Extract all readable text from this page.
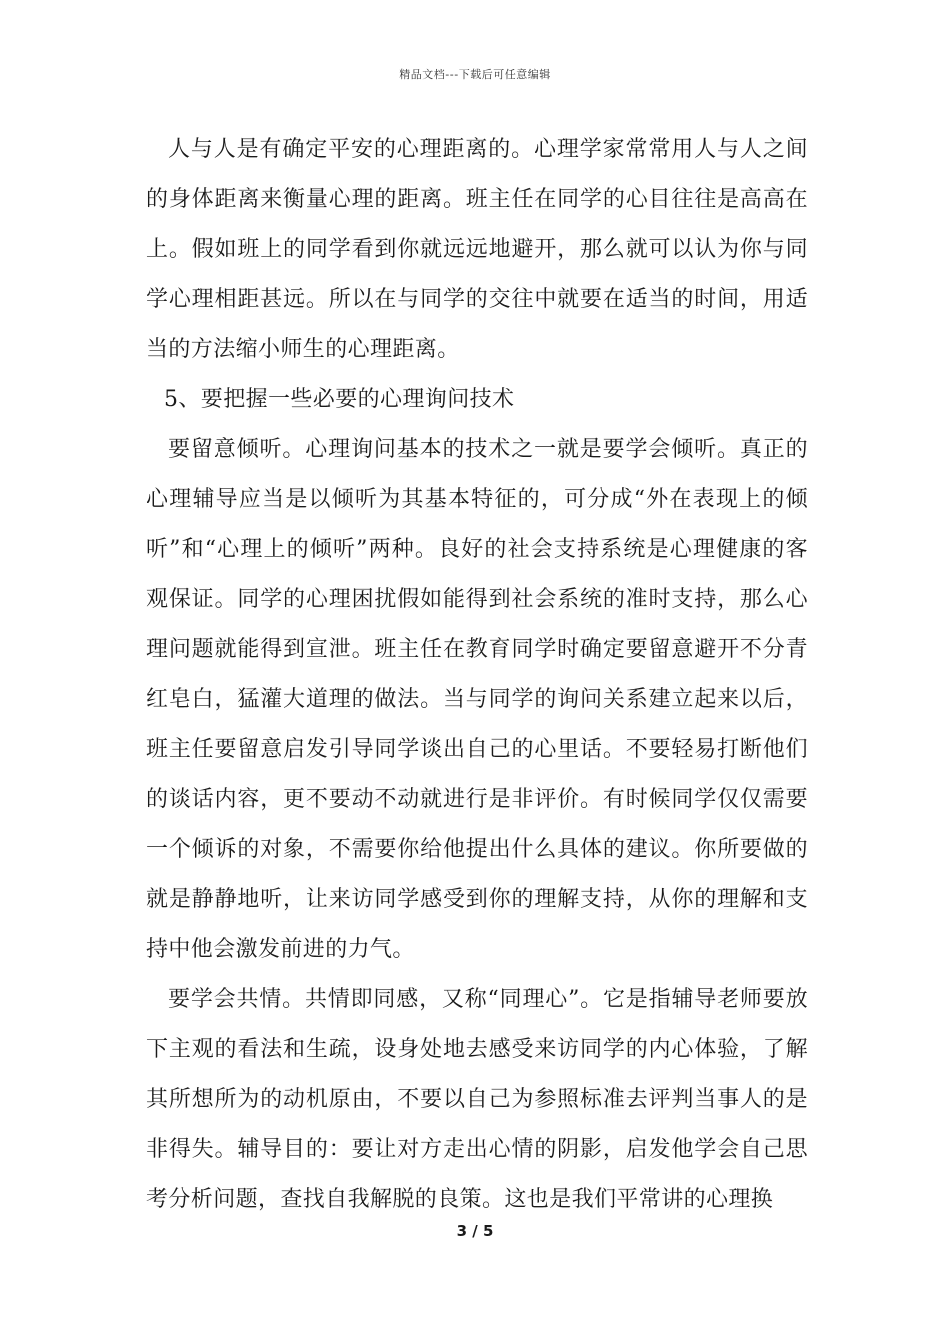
精品文档---下载后可任意编辑

人与人是有确定平安的心理距离的。心理学家常常用人与人之间的身体距离来衡量心理的距离。班主任在同学的心目往往是高高在上。假如班上的同学看到你就远远地避开，那么就可以认为你与同学心理相距甚远。所以在与同学的交往中就要在适当的时间，用适当的方法缩小师生的心理距离。

5、要把握一些必要的心理询问技术

要留意倾听。心理询问基本的技术之一就是要学会倾听。真正的心理辅导应当是以倾听为其基本特征的，可分成“外在表现上的倾听”和“心理上的倾听”两种。良好的社会支持系统是心理健康的客观保证。同学的心理困扰假如能得到社会系统的准时支持，那么心理问题就能得到宣泄。班主任在教育同学时确定要留意避开不分青红皂白，猛灌大道理的做法。当与同学的询问关系建立起来以后，班主任要留意启发引导同学谈出自己的心里话。不要轻易打断他们的谈话内容，更不要动不动就进行是非评价。有时候同学仅仅需要一个倾诉的对象，不需要你给他提出什么具体的建议。你所要做的就是静静地听，让来访同学感受到你的理解支持，从你的理解和支持中他会激发前进的力气。

要学会共情。共情即同感，又称“同理心”。它是指辅导老师要放下主观的看法和生疏，设身处地去感受来访同学的内心体验，了解其所想所为的动机原由，不要以自己为参照标准去评判当事人的是非得失。辅导目的：要让对方走出心情的阴影，启发他学会自己思考分析问题，查找自我解脱的良策。这也是我们平常讲的心理换

3 / 5
